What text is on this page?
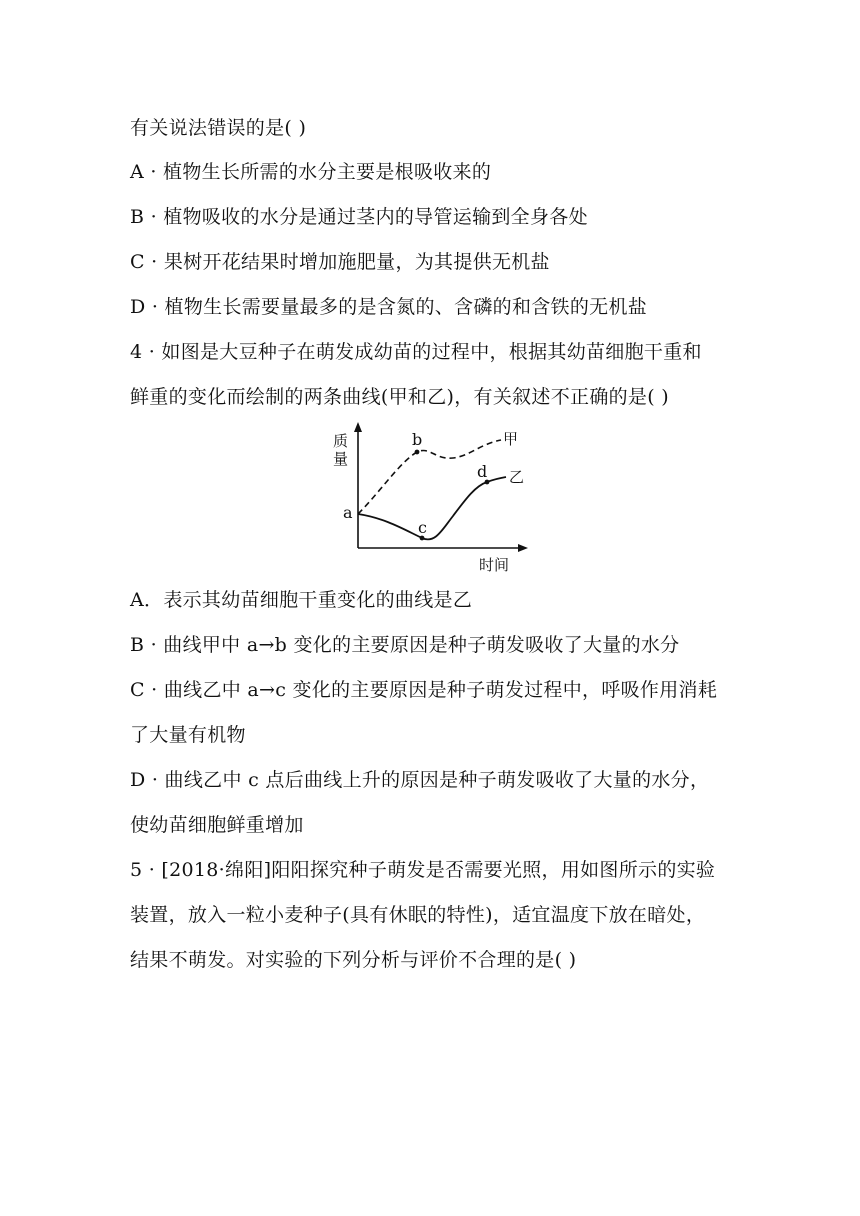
有关说法错误的是( )
A · 植物生长所需的水分主要是根吸收来的
B · 植物吸收的水分是通过茎内的导管运输到全身各处
C · 果树开花结果时增加施肥量，为其提供无机盐
D · 植物生长需要量最多的是含氮的、含磷的和含铁的无机盐
4 · 如图是大豆种子在萌发成幼苗的过程中，根据其幼苗细胞干重和
鲜重的变化而绘制的两条曲线(甲和乙)，有关叙述不正确的是( )
质
量
时间
a
b
c
d
甲
乙
A．表示其幼苗细胞干重变化的曲线是乙
B · 曲线甲中 a→b 变化的主要原因是种子萌发吸收了大量的水分
C · 曲线乙中 a→c 变化的主要原因是种子萌发过程中，呼吸作用消耗
了大量有机物
D · 曲线乙中 c 点后曲线上升的原因是种子萌发吸收了大量的水分，
使幼苗细胞鲜重增加
5 · [2018·绵阳]阳阳探究种子萌发是否需要光照，用如图所示的实验
装置，放入一粒小麦种子(具有休眠的特性)，适宜温度下放在暗处，
结果不萌发。对实验的下列分析与评价不合理的是( )
